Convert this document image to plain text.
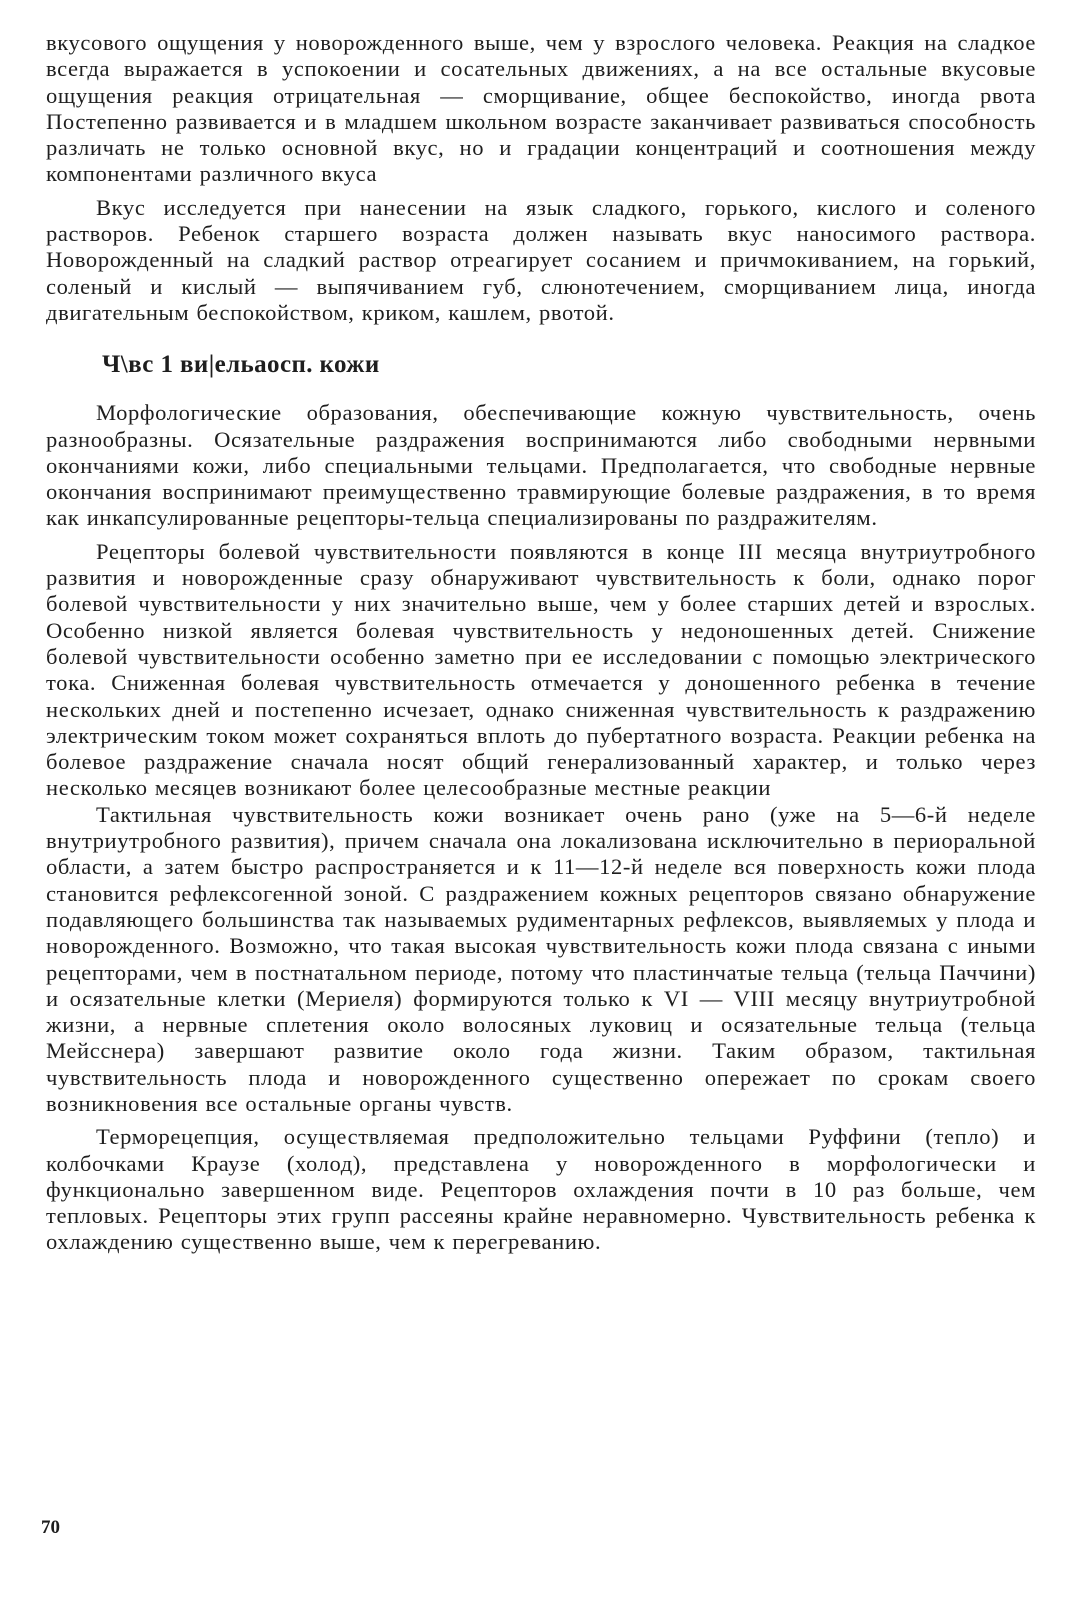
вкусового ощущения у новорожденного выше, чем у взрослого человека. Реакция на сладкое всегда выражается в успокоении и сосательных движениях, а на все остальные вкусовые ощущения реакция отрицательная — сморщивание, общее беспокойство, иногда рвота Постепенно развивается и в младшем школьном возрасте заканчивает развиваться способность различать не только основной вкус, но и градации концентраций и соотношения между компонентами различного вкуса

Вкус исследуется при нанесении на язык сладкого, горького, кислого и соленого растворов. Ребенок старшего возраста должен называть вкус наносимого раствора. Новорожденный на сладкий раствор отреагирует сосанием и причмокиванием, на горький, соленый и кислый — выпячиванием губ, слюнотечением, сморщиванием лица, иногда двигательным беспокойством, криком, кашлем, рвотой.

Ч\вс 1 ви|ельаосп. кожи

Морфологические образования, обеспечивающие кожную чувствительность, очень разнообразны. Осязательные раздражения воспринимаются либо свободными нервными окончаниями кожи, либо специальными тельцами. Предполагается, что свободные нервные окончания воспринимают преимущественно травмирующие болевые раздражения, в то время как инкапсулированные рецепторы-тельца специализированы по раздражителям.

Рецепторы болевой чувствительности появляются в конце III месяца внутриутробного развития и новорожденные сразу обнаруживают чувствительность к боли, однако порог болевой чувствительности у них значительно выше, чем у более старших детей и взрослых. Особенно низкой является болевая чувствительность у недоношенных детей. Снижение болевой чувствительности особенно заметно при ее исследовании с помощью электрического тока. Сниженная болевая чувствительность отмечается у доношенного ребенка в течение нескольких дней и постепенно исчезает, однако сниженная чувствительность к раздражению электрическим током может сохраняться вплоть до пубертатного возраста. Реакции ребенка на болевое раздражение сначала носят общий генерализованный характер, и только через несколько месяцев возникают более целесообразные местные реакции

Тактильная чувствительность кожи возникает очень рано (уже на 5—6-й неделе внутриутробного развития), причем сначала она локализована исключительно в периоральной области, а затем быстро распространяется и к 11—12-й неделе вся поверхность кожи плода становится рефлексогенной зоной. С раздражением кожных рецепторов связано обнаружение подавляющего большинства так называемых рудиментарных рефлексов, выявляемых у плода и новорожденного. Возможно, что такая высокая чувствительность кожи плода связана с иными рецепторами, чем в постнатальном периоде, потому что пластинчатые тельца (тельца Паччини) и осязательные клетки (Мериеля) формируются только к VI — VIII месяцу внутриутробной жизни, а нервные сплетения около волосяных луковиц и осязательные тельца (тельца Мейсснера) завершают развитие около года жизни. Таким образом, тактильная чувствительность плода и новорожденного существенно опережает по срокам своего возникновения все остальные органы чувств.

Терморецепция, осуществляемая предположительно тельцами Руффини (тепло) и колбочками Краузе (холод), представлена у новорожденного в морфологически и функционально завершенном виде. Рецепторов охлаждения почти в 10 раз больше, чем тепловых. Рецепторы этих групп рассеяны крайне неравномерно. Чувствительность ребенка к охлаждению существенно выше, чем к перегреванию.

70
